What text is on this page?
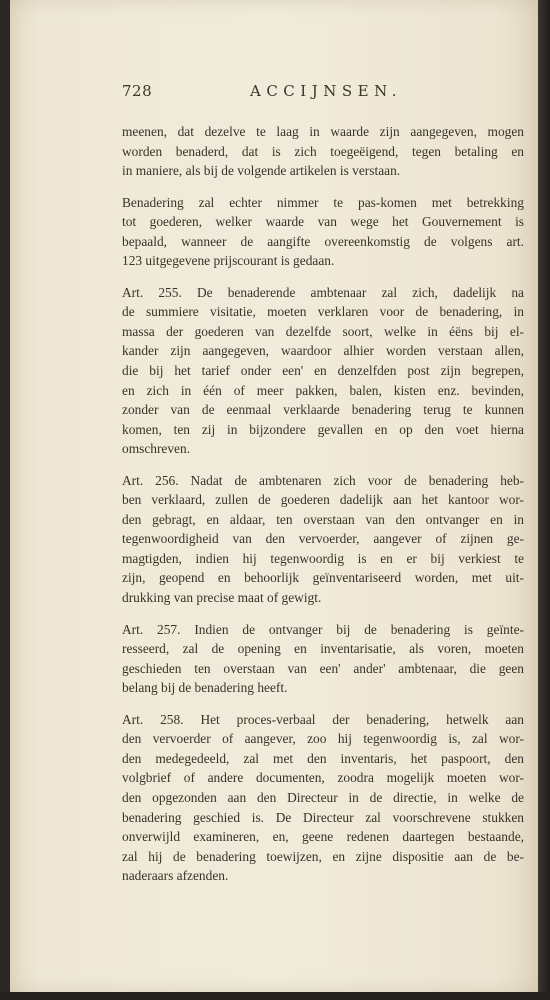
728	ACCIJNSEN.

meenen, dat dezelve te laag in waarde zijn aangegeven, mogen
worden benaderd, dat is zich toegeëigend, tegen betaling en
in maniere, als bij de volgende artikelen is verstaan.

Benadering zal echter nimmer te pas-komen met betrekking
tot goederen, welker waarde van wege het Gouvernement is
bepaald, wanneer de aangifte overeenkomstig de volgens art.
123 uitgegevene prijscourant is gedaan.

Art. 255. De benaderende ambtenaar zal zich, dadelijk na
de summiere visitatie, moeten verklaren voor de benadering, in
massa der goederen van dezelfde soort, welke in éëns bij el-
kander zijn aangegeven, waardoor alhier worden verstaan allen,
die bij het tarief onder een' en denzelfden post zijn begrepen,
en zich in één of meer pakken, balen, kisten enz. bevinden,
zonder van de eenmaal verklaarde benadering terug te kunnen
komen, ten zij in bijzondere gevallen en op den voet hierna
omschreven.

Art. 256. Nadat de ambtenaren zich voor de benadering heb-
ben verklaard, zullen de goederen dadelijk aan het kantoor wor-
den gebragt, en aldaar, ten overstaan van den ontvanger en in
tegenwoordigheid van den vervoerder, aangever of zijnen ge-
magtigden, indien hij tegenwoordig is en er bij verkiest te
zijn, geopend en behoorlijk geïnventariseerd worden, met uit-
drukking van precise maat of gewigt.

Art. 257. Indien de ontvanger bij de benadering is geïnte-
resseerd, zal de opening en inventarisatie, als voren, moeten
geschieden ten overstaan van een' ander' ambtenaar, die geen
belang bij de benadering heeft.

Art. 258. Het proces-verbaal der benadering, hetwelk aan
den vervoerder of aangever, zoo hij tegenwoordig is, zal wor-
den medegedeeld, zal met den inventaris, het paspoort, den
volgbrief of andere documenten, zoodra mogelijk moeten wor-
den opgezonden aan den Directeur in de directie, in welke de
benadering geschied is. De Directeur zal voorschrevene stukken
onverwijld examineren, en, geene redenen daartegen bestaande,
zal hij de benadering toewijzen, en zijne dispositie aan de be-
naderaars afzenden.
